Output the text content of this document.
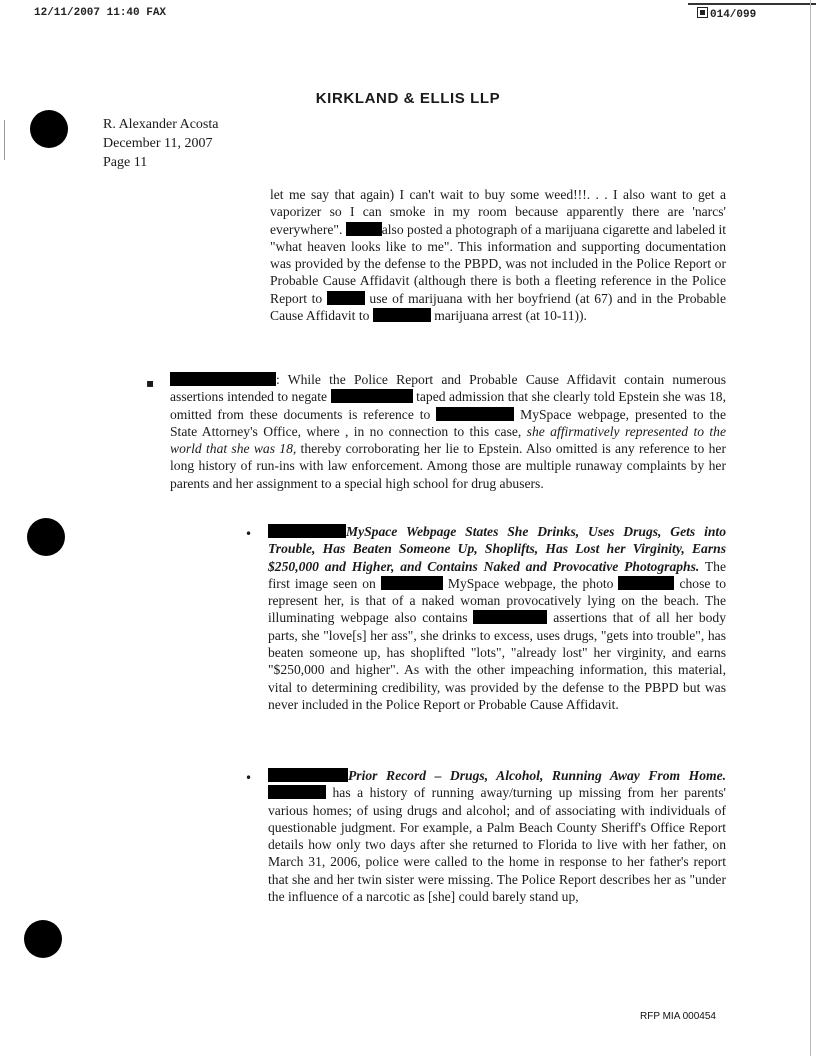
12/11/2007 11:40 FAX	014/099
KIRKLAND & ELLIS LLP
R. Alexander Acosta
December 11, 2007
Page 11

let me say that again) I can't wait to buy some weed!!!. . . I also want to get a vaporizer so I can smoke in my room because apparently there are 'narcs' everywhere".	also posted a photograph of a marijuana cigarette and labeled it "what heaven looks like to me". This information and supporting documentation was provided by the defense to the PBPD, was not included in the Police Report or Probable Cause Affidavit (although there is both a fleeting reference in the Police Report to	use of marijuana with her boyfriend (at 67) and in the Probable Cause Affidavit to	marijuana arrest (at 10-11)).

▪	: While the Police Report and Probable Cause Affidavit contain numerous assertions intended to negate	taped admission that she clearly told Epstein she was 18, omitted from these documents is reference to	MySpace webpage, presented to the State Attorney's Office, where , in no connection to this case, she affirmatively represented to the world that she was 18, thereby corroborating her lie to Epstein. Also omitted is any reference to her long history of run-ins with law enforcement. Among those are multiple runaway complaints by her parents and her assignment to a special high school for drug abusers.

•	MySpace Webpage States She Drinks, Uses Drugs, Gets into Trouble, Has Beaten Someone Up, Shoplifts, Has Lost her Virginity, Earns $250,000 and Higher, and Contains Naked and Provocative Photographs. The first image seen on	MySpace webpage, the photo	chose to represent her, is that of a naked woman provocatively lying on the beach. The illuminating webpage also contains	assertions that of all her body parts, she "love[s] her ass", she drinks to excess, uses drugs, "gets into trouble", has beaten someone up, has shoplifted "lots", "already lost" her virginity, and earns "$250,000 and higher". As with the other impeaching information, this material, vital to determining credibility, was provided by the defense to the PBPD but was never included in the Police Report or Probable Cause Affidavit.

•	Prior Record – Drugs, Alcohol, Running Away From Home. has a history of running away/turning up missing from her parents' various homes; of using drugs and alcohol; and of associating with individuals of questionable judgment. For example, a Palm Beach County Sheriff's Office Report details how only two days after she returned to Florida to live with her father, on March 31, 2006, police were called to the home in response to her father's report that she and her twin sister were missing. The Police Report describes her as "under the influence of a narcotic as [she] could barely stand up,

RFP MIA 000454
